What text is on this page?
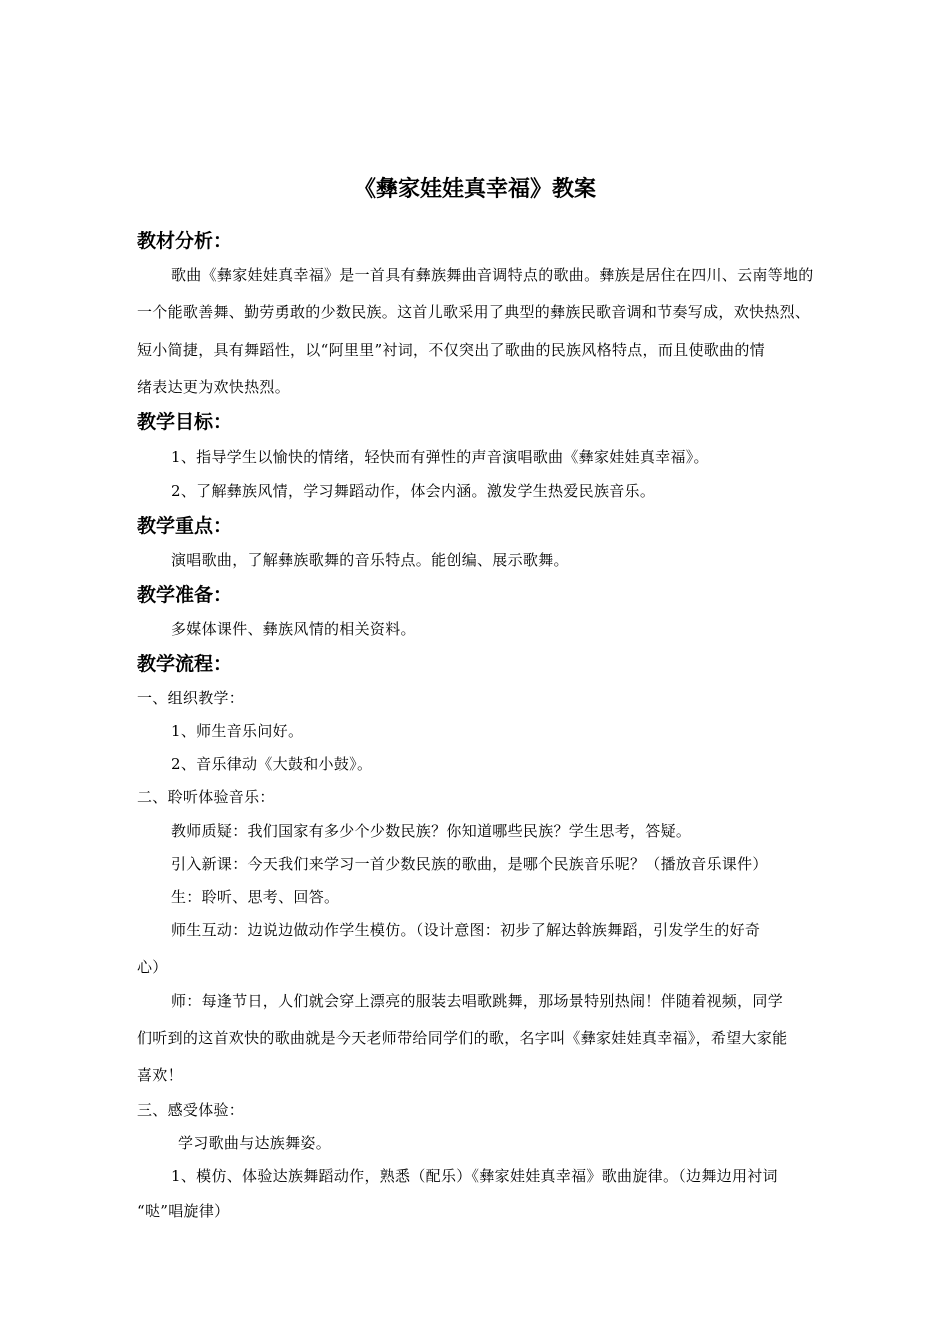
《彝家娃娃真幸福》教案
教材分析：
歌曲《彝家娃娃真幸福》是一首具有彝族舞曲音调特点的歌曲。彝族是居住在四川、云南等地的
一个能歌善舞、勤劳勇敢的少数民族。这首儿歌采用了典型的彝族民歌音调和节奏写成，欢快热烈、
短小简捷，具有舞蹈性，以“阿里里”衬词，不仅突出了歌曲的民族风格特点，而且使歌曲的情
绪表达更为欢快热烈。
教学目标：
1、指导学生以愉快的情绪，轻快而有弹性的声音演唱歌曲《彝家娃娃真幸福》。
2、了解彝族风情，学习舞蹈动作，体会内涵。激发学生热爱民族音乐。
教学重点：
演唱歌曲，了解彝族歌舞的音乐特点。能创编、展示歌舞。
教学准备：
多媒体课件、彝族风情的相关资料。
教学流程：
一、组织教学：
1、师生音乐问好。
2、音乐律动《大鼓和小鼓》。
二、聆听体验音乐：
教师质疑：我们国家有多少个少数民族？你知道哪些民族？学生思考，答疑。
引入新课：今天我们来学习一首少数民族的歌曲，是哪个民族音乐呢？（播放音乐课件）
生：聆听、思考、回答。
师生互动：边说边做动作学生模仿。（设计意图：初步了解达斡族舞蹈，引发学生的好奇
心）
师：每逢节日，人们就会穿上漂亮的服装去唱歌跳舞，那场景特别热闹！伴随着视频，同学
们听到的这首欢快的歌曲就是今天老师带给同学们的歌，名字叫《彝家娃娃真幸福》，希望大家能
喜欢！
三、感受体验：
学习歌曲与达族舞姿。
1、模仿、体验达族舞蹈动作，熟悉（配乐）《彝家娃娃真幸福》歌曲旋律。（边舞边用衬词
“哒”唱旋律）
